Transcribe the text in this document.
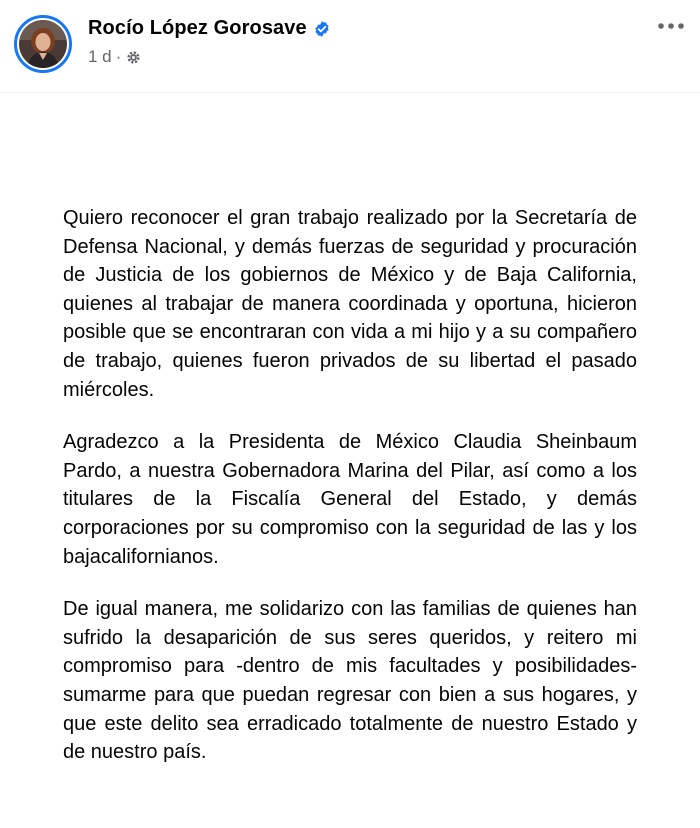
Rocío López Gorosave
1 d ·

Quiero reconocer el gran trabajo realizado por la Secretaría de Defensa Nacional, y demás fuerzas de seguridad y procuración de Justicia de los gobiernos de México y de Baja California, quienes al trabajar de manera coordinada y oportuna, hicieron posible que se encontraran con vida a mi hijo y a su compañero de trabajo, quienes fueron privados de su libertad el pasado miércoles.

Agradezco a la Presidenta de México Claudia Sheinbaum Pardo, a nuestra Gobernadora Marina del Pilar, así como a los titulares de la Fiscalía General del Estado, y demás corporaciones por su compromiso con la seguridad de las y los bajacalifornianos.

De igual manera, me solidarizo con las familias de quienes han sufrido la desaparición de sus seres queridos, y reitero mi compromiso para -dentro de mis facultades y posibilidades- sumarme para que puedan regresar con bien a sus hogares, y que este delito sea erradicado totalmente de nuestro Estado y de nuestro país.
